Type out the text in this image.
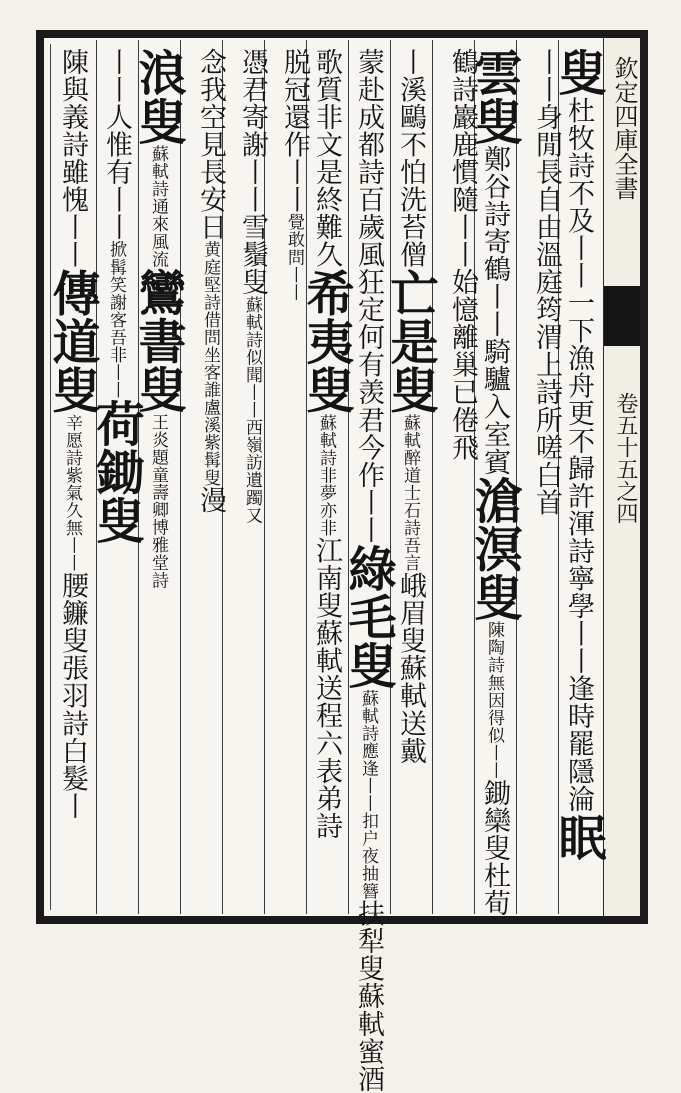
欽定四庫全書
卷五十五之四
叟杜牧詩不及丨丨一下漁舟更不歸許渾詩寧學丨丨逢時罷隱淪眠
丨丨身閒長自由溫庭筠渭上詩所嗟白首
雲叟鄭谷詩寄鶴丨丨騎驢入室賓滄溟叟陳陶詩無因得似丨丨鋤欒叟杜荀
鶴詩巖鹿慣隨丨丨始憶離巢已倦飛
丨溪鷗不怕洗苔僧亡是叟蘇軾醉道士石詩吾言峨眉叟蘇軾送戴
蒙赴成都詩百歲風狂定何有羡君今作丨丨綠毛叟蘇軾詩應逢丨丨扣户夜抽簪扶犁叟蘇軾蜜酒
歌質非文是終難久希夷叟蘇軾詩非夢亦非江南叟蘇軾送程六表弟詩
脱冠還作丨丨覺敢問丨丨
憑君寄謝丨丨雪鬚叟蘇軾詩似聞丨丨西嶺訪遺躅又
念我空見長安日黄庭堅詩借問坐客誰盧溪紫髯叟漫
浪叟蘇軾詩通來風流鸞書叟王炎題童壽卿博雅堂詩
丨丨人惟有丨丨掀髯笑謝客吾非丨丨荷鋤叟
陳與義詩雖愧丨丨傳道叟辛愿詩紫氣久無丨丨腰鐮叟張羽詩白髮丨
